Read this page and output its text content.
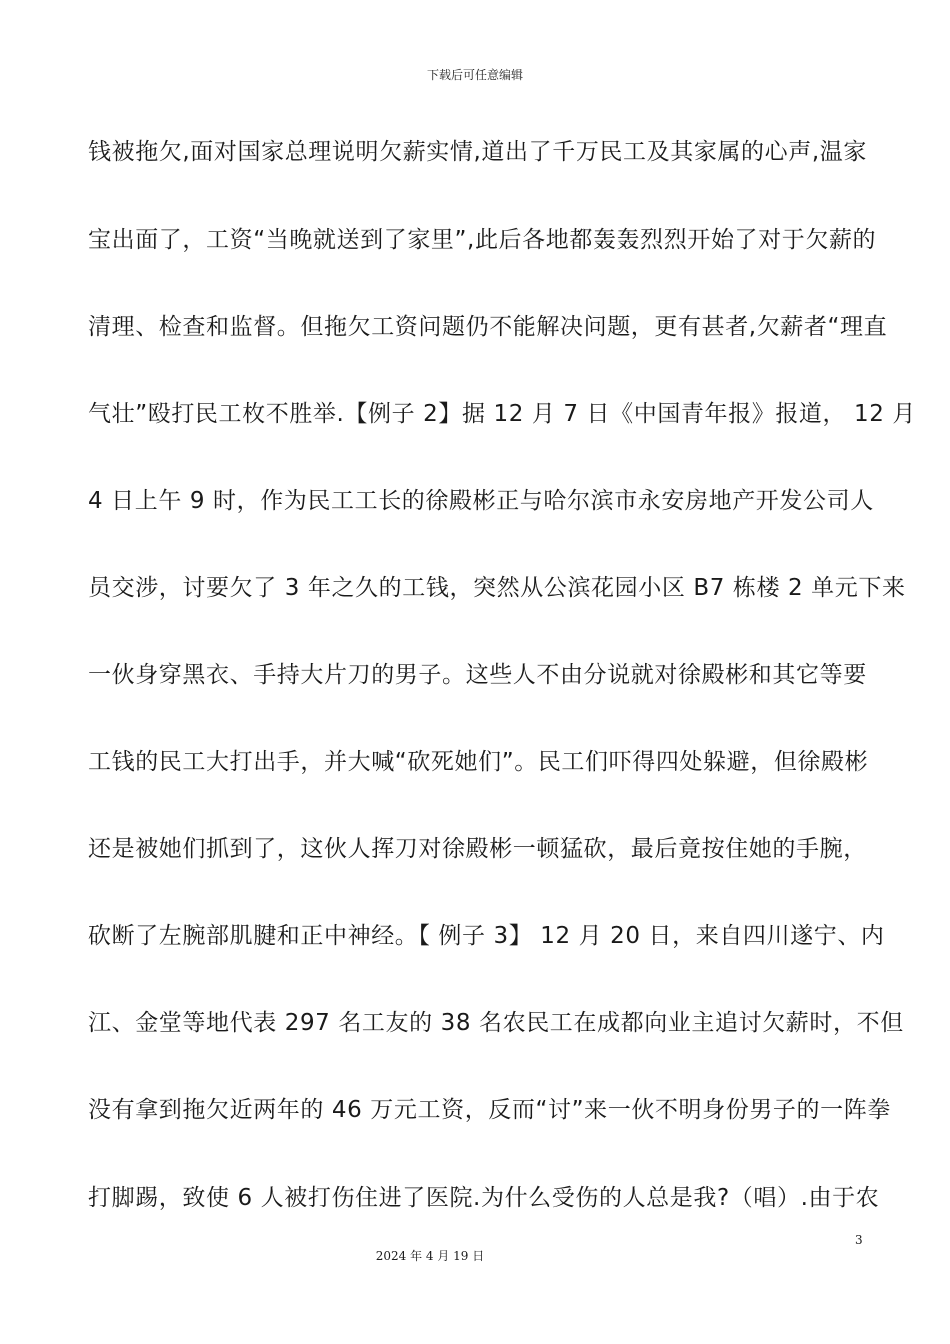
下载后可任意编辑
钱被拖欠,面对国家总理说明欠薪实情,道出了千万民工及其家属的心声,温家
宝出面了，工资“当晚就送到了家里”,此后各地都轰轰烈烈开始了对于欠薪的
清理、检查和监督。但拖欠工资问题仍不能解决问题，更有甚者,欠薪者“理直
气壮”殴打民工枚不胜举.【例子 2】据 12 月 7 日《中国青年报》报道， 12 月
4 日上午 9 时，作为民工工长的徐殿彬正与哈尔滨市永安房地产开发公司人
员交涉，讨要欠了 3 年之久的工钱，突然从公滨花园小区 B7 栋楼 2 单元下来
一伙身穿黑衣、手持大片刀的男子。这些人不由分说就对徐殿彬和其它等要
工钱的民工大打出手，并大喊“砍死她们”。民工们吓得四处躲避，但徐殿彬
还是被她们抓到了，这伙人挥刀对徐殿彬一顿猛砍，最后竟按住她的手腕，
砍断了左腕部肌腱和正中神经。【 例子 3】 12 月 20 日，来自四川遂宁、内
江、金堂等地代表 297 名工友的 38 名农民工在成都向业主追讨欠薪时，不但
没有拿到拖欠近两年的 46 万元工资，反而“讨”来一伙不明身份男子的一阵拳
打脚踢，致使 6 人被打伤住进了医院.为什么受伤的人总是我?（唱）.由于农
3
2024 年 4 月 19 日
